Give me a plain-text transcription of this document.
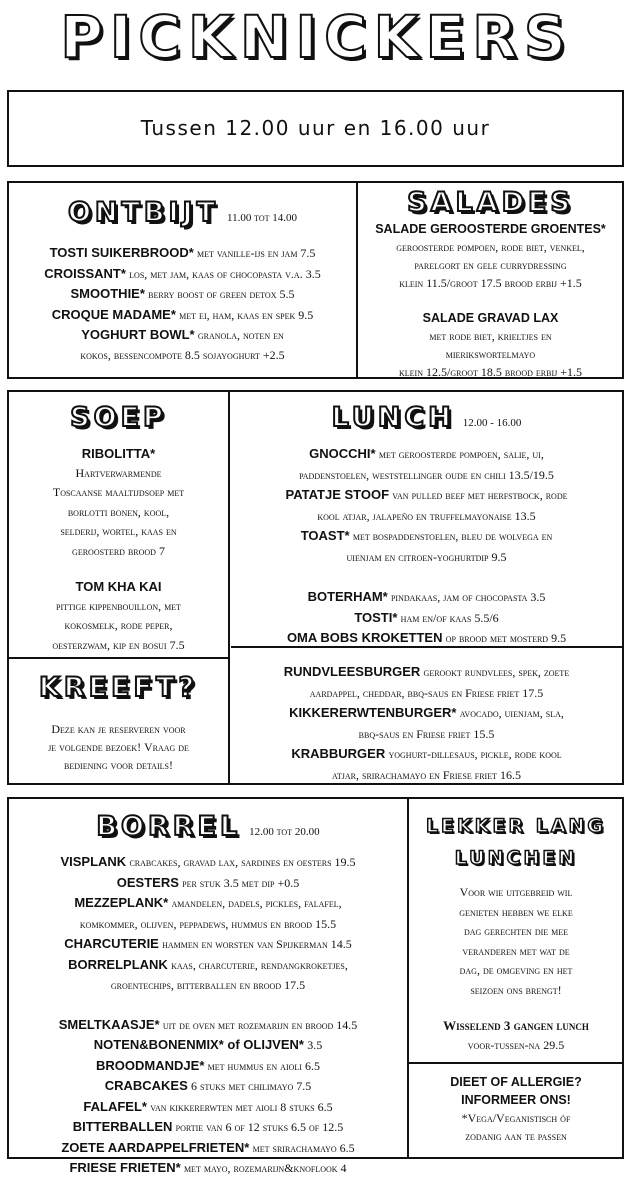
PICKNICKERS
Tussen 12.00 uur en 16.00 uur
ONTBIJT 11.00 tot 14.00
TOSTI SUIKERBROOD* met vanille-ijs en jam 7.5
CROISSANT* los, met jam, kaas of chocopasta v.a. 3.5
SMOOTHIE* berry boost of green detox 5.5
CROQUE MADAME* met ei, ham, kaas en spek 9.5
YOGHURT BOWL* granola, noten en
kokos, bessencompote 8.5 sojayoghurt +2.5
SALADES
SALADE GEROOSTERDE GROENTES*
geroosterde pompoen, rode biet, venkel,
parelgort en gele currydressing
klein 11.5/groot 17.5 brood erbij +1.5
SALADE GRAVAD LAX
met rode biet, krieltjes en
mierikswortelmayo
klein 12.5/groot 18.5 brood erbij +1.5
SOEP
RIBOLITTA*
Hartverwarmende
Toscaanse maaltijdsoep met
borlotti bonen, kool,
selderij, wortel, kaas en
geroosterd brood 7
TOM KHA KAI
pittige kippenbouillon, met
kokosmelk, rode peper,
oesterzwam, kip en bosui 7.5
KREEFT?
Deze kan je reserveren voor
je volgende bezoek! Vraag de
bediening voor details!
LUNCH 12.00 - 16.00
GNOCCHI* met geroosterde pompoen, salie, ui,
paddenstoelen, weststellinger oude en chili 13.5/19.5
PATATJE STOOF van pulled beef met herfstbock, rode
kool atjar, jalapeño en truffelmayonaise 13.5
TOAST* met bospaddenstoelen, bleu de wolvega en
uienjam en citroen-yoghurtdip 9.5
BOTERHAM* pindakaas, jam of chocopasta 3.5
TOSTI* ham en/of kaas 5.5/6
OMA BOBS KROKETTEN op brood met mosterd 9.5
RUNDVLEESBURGER gerookt rundvlees, spek, zoete
aardappel, cheddar, bbq-saus en Friese friet 17.5
KIKKERERWTENBURGER* avocado, uienjam, sla,
bbq-saus en Friese friet 15.5
KRABBURGER yoghurt-dillesaus, pickle, rode kool
atjar, srirachamayo en Friese friet 16.5
BORREL 12.00 tot 20.00
VISPLANK crabcakes, gravad lax, sardines en oesters 19.5
OESTERS per stuk 3.5 met dip +0.5
MEZZEPLANK* amandelen, dadels, pickles, falafel,
komkommer, olijven, peppadews, hummus en brood 15.5
CHARCUTERIE hammen en worsten van Spijkerman 14.5
BORRELPLANK kaas, charcuterie, rendangkroketjes,
groentechips, bitterballen en brood 17.5
SMELTKAASJE* uit de oven met rozemarijn en brood 14.5
NOTEN&BONENMIX* of OLIJVEN* 3.5
BROODMANDJE* met hummus en aioli 6.5
CRABCAKES 6 stuks met chilimayo 7.5
FALAFEL* van kikkererwten met aioli 8 stuks 6.5
BITTERBALLEN portie van 6 of 12 stuks 6.5 of 12.5
ZOETE AARDAPPELFRIETEN* met srirachamayo 6.5
FRIESE FRIETEN* met mayo, rozemarijn&knoflook 4
LEKKER LANG
LUNCHEN
Voor wie uitgebreid wil
genieten hebben we elke
dag gerechten die mee
veranderen met wat de
dag, de omgeving en het
seizoen ons brengt!
Wisselend 3 gangen lunch
voor-tussen-na 29.5
DIEET OF ALLERGIE?
INFORMEER ONS!
*Vega/Veganistisch óf
zodanig aan te passen
